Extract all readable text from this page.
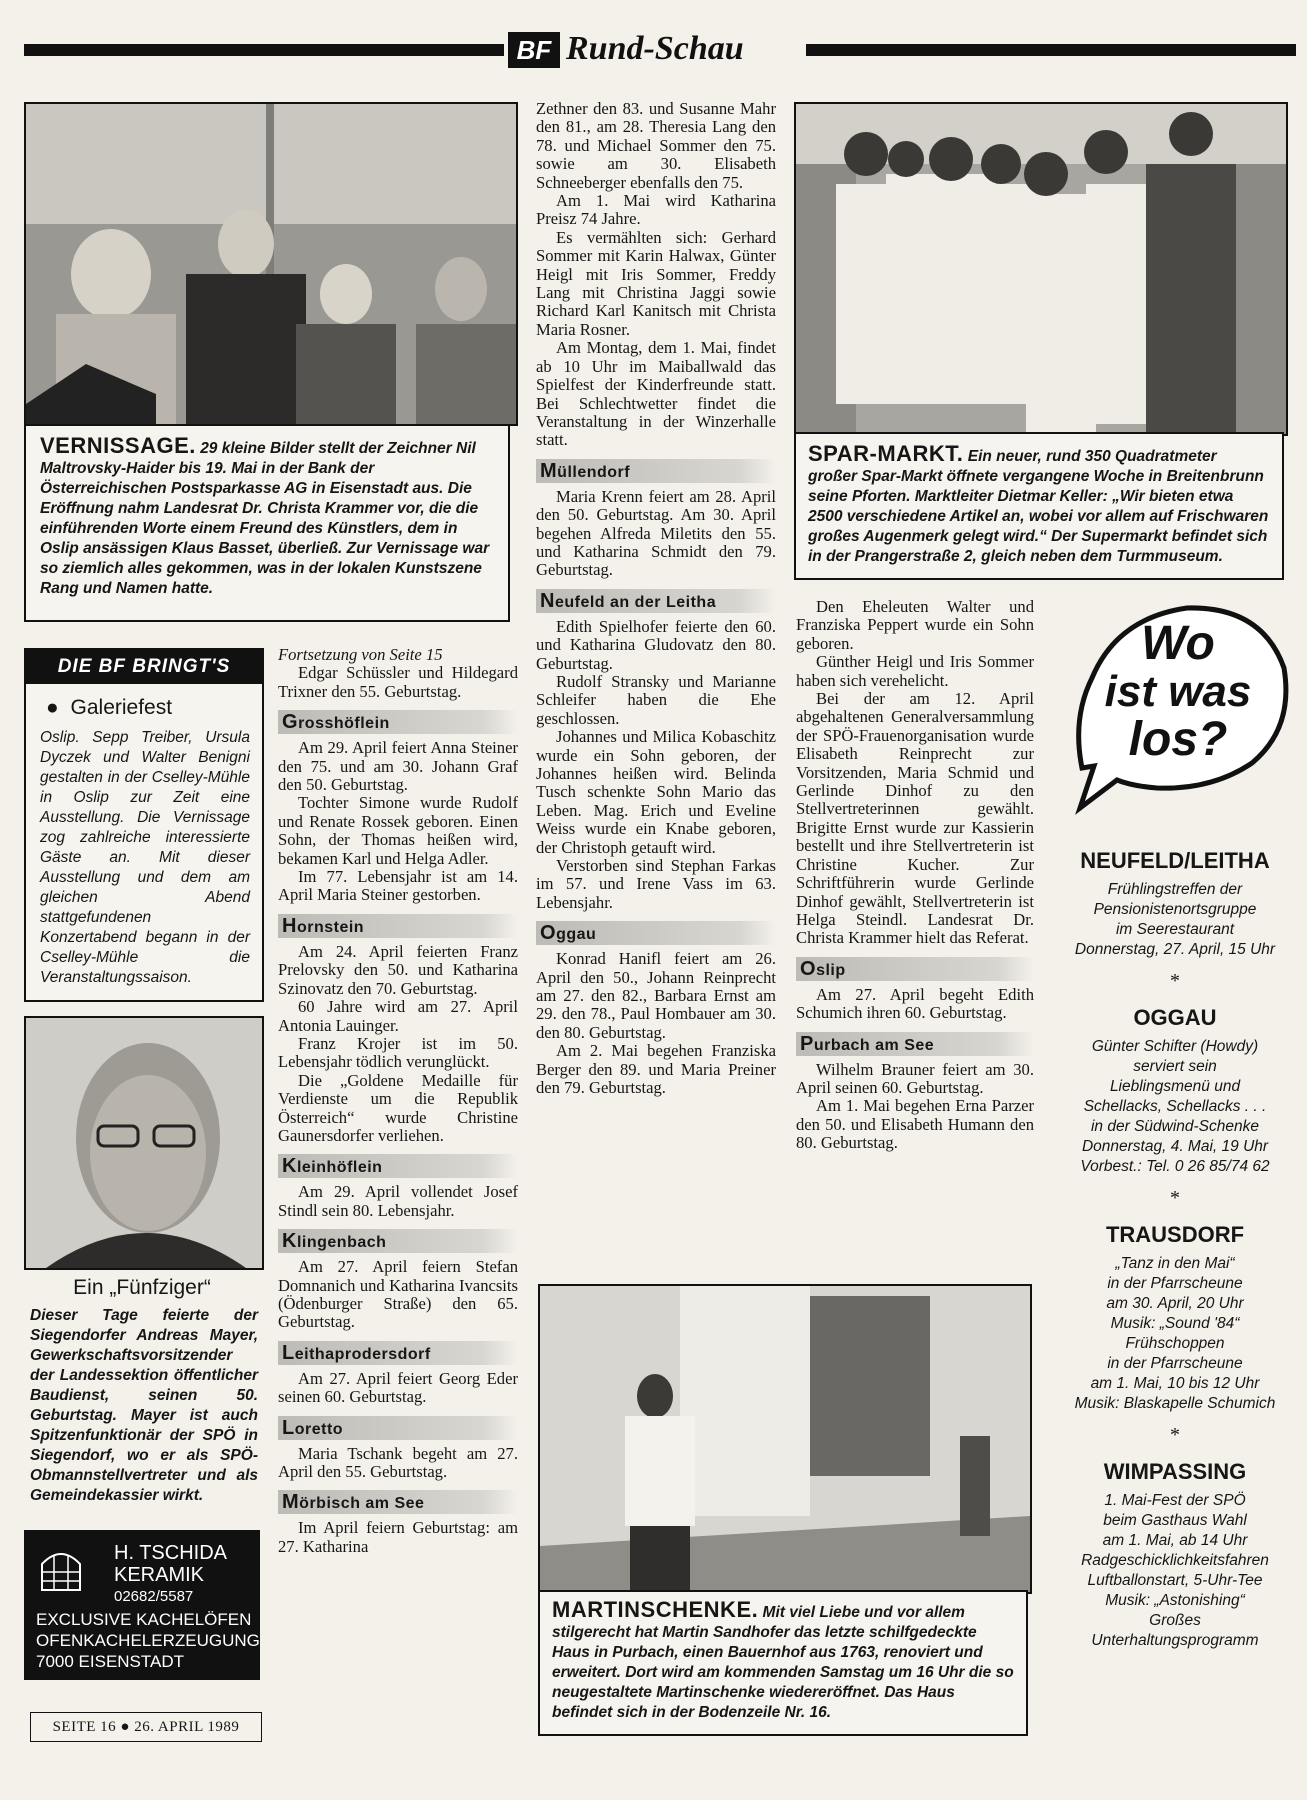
BF Rund-Schau

VERNISSAGE. 29 kleine Bilder stellt der Zeichner Nil Maltrovsky-Haider bis 19. Mai in der Bank der Österreichischen Postsparkasse AG in Eisenstadt aus. Die Eröffnung nahm Landesrat Dr. Christa Krammer vor, die die einführenden Worte einem Freund des Künstlers, dem in Oslip ansässigen Klaus Basset, überließ. Zur Vernissage war so ziemlich alles gekommen, was in der lokalen Kunstszene Rang und Namen hatte.

SPAR-MARKT. Ein neuer, rund 350 Quadratmeter großer Spar-Markt öffnete vergangene Woche in Breitenbrunn seine Pforten. Marktleiter Dietmar Keller: „Wir bieten etwa 2500 verschiedene Artikel an, wobei vor allem auf Frischwaren großes Augenmerk gelegt wird.“ Der Supermarkt befindet sich in der Prangerstraße 2, gleich neben dem Turmmuseum.

DIE BF BRINGT'S
● Galeriefest

Oslip. Sepp Treiber, Ursula Dyczek und Walter Benigni gestalten in der Cselley-Mühle in Oslip zur Zeit eine Ausstellung. Die Vernissage zog zahlreiche interessierte Gäste an. Mit dieser Ausstellung und dem am gleichen Abend stattgefundenen Konzertabend begann in der Cselley-Mühle die Veranstaltungssaison.

Ein „Fünfziger“

Dieser Tage feierte der Siegendorfer Andreas Mayer, Gewerkschaftsvorsitzender der Landessektion öffentlicher Baudienst, seinen 50. Geburtstag. Mayer ist auch Spitzenfunktionär der SPÖ in Siegendorf, wo er als SPÖ-Obmannstellvertreter und als Gemeindekassier wirkt.

H. TSCHIDA
KERAMIK
02682/5587
EXCLUSIVE KACHELÖFEN
OFENKACHELERZEUGUNG
7000 EISENSTADT
SEITE 16 ● 26. APRIL 1989

Fortsetzung von Seite 15

Edgar Schüssler und Hildegard Trixner den 55. Geburtstag.

Grosshöflein

Am 29. April feiert Anna Steiner den 75. und am 30. Johann Graf den 50. Geburtstag.

Tochter Simone wurde Rudolf und Renate Rossek geboren. Einen Sohn, der Thomas heißen wird, bekamen Karl und Helga Adler.

Im 77. Lebensjahr ist am 14. April Maria Steiner gestorben.

Hornstein

Am 24. April feierten Franz Prelovsky den 50. und Katharina Szinovatz den 70. Geburtstag.

60 Jahre wird am 27. April Antonia Lauinger.

Franz Krojer ist im 50. Lebensjahr tödlich verunglückt.

Die „Goldene Medaille für Verdienste um die Republik Österreich“ wurde Christine Gaunersdorfer verliehen.

Kleinhöflein

Am 29. April vollendet Josef Stindl sein 80. Lebensjahr.

Klingenbach

Am 27. April feiern Stefan Domnanich und Katharina Ivancsits (Ödenburger Straße) den 65. Geburtstag.

Leithaprodersdorf

Am 27. April feiert Georg Eder seinen 60. Geburtstag.

Loretto

Maria Tschank begeht am 27. April den 55. Geburtstag.

Mörbisch am See

Im April feiern Geburtstag: am 27. Katharina

Zethner den 83. und Susanne Mahr den 81., am 28. Theresia Lang den 78. und Michael Sommer den 75. sowie am 30. Elisabeth Schneeberger ebenfalls den 75.

Am 1. Mai wird Katharina Preisz 74 Jahre.

Es vermählten sich: Gerhard Sommer mit Karin Halwax, Günter Heigl mit Iris Sommer, Freddy Lang mit Christina Jaggi sowie Richard Karl Kanitsch mit Christa Maria Rosner.

Am Montag, dem 1. Mai, findet ab 10 Uhr im Maiballwald das Spielfest der Kinderfreunde statt. Bei Schlechtwetter findet die Veranstaltung in der Winzerhalle statt.

Müllendorf

Maria Krenn feiert am 28. April den 50. Geburtstag. Am 30. April begehen Alfreda Miletits den 55. und Katharina Schmidt den 79. Geburtstag.

Neufeld an der Leitha

Edith Spielhofer feierte den 60. und Katharina Gludovatz den 80. Geburtstag.

Rudolf Stransky und Marianne Schleifer haben die Ehe geschlossen.

Johannes und Milica Kobaschitz wurde ein Sohn geboren, der Johannes heißen wird. Belinda Tusch schenkte Sohn Mario das Leben. Mag. Erich und Eveline Weiss wurde ein Knabe geboren, der Christoph getauft wird.

Verstorben sind Stephan Farkas im 57. und Irene Vass im 63. Lebensjahr.

Oggau

Konrad Hanifl feiert am 26. April den 50., Johann Reinprecht am 27. den 82., Barbara Ernst am 29. den 78., Paul Hombauer am 30. den 80. Geburtstag.

Am 2. Mai begehen Franziska Berger den 89. und Maria Preiner den 79. Geburtstag.

Den Eheleuten Walter und Franziska Peppert wurde ein Sohn geboren.

Günther Heigl und Iris Sommer haben sich verehelicht.

Bei der am 12. April abgehaltenen Generalversammlung der SPÖ-Frauenorganisation wurde Elisabeth Reinprecht zur Vorsitzenden, Maria Schmid und Gerlinde Dinhof zu den Stellvertreterinnen gewählt. Brigitte Ernst wurde zur Kassierin bestellt und ihre Stellvertreterin ist Christine Kucher. Zur Schriftführerin wurde Gerlinde Dinhof gewählt, Stellvertreterin ist Helga Steindl. Landesrat Dr. Christa Krammer hielt das Referat.

Oslip

Am 27. April begeht Edith Schumich ihren 60. Geburtstag.

Purbach am See

Wilhelm Brauner feiert am 30. April seinen 60. Geburtstag.

Am 1. Mai begehen Erna Parzer den 50. und Elisabeth Humann den 80. Geburtstag.

MARTINSCHENKE. Mit viel Liebe und vor allem stilgerecht hat Martin Sandhofer das letzte schilfgedeckte Haus in Purbach, einen Bauernhof aus 1763, renoviert und erweitert. Dort wird am kommenden Samstag um 16 Uhr die so neugestaltete Martinschenke wiedereröffnet. Das Haus befindet sich in der Bodenzeile Nr. 16.

Wo
ist was
los?
NEUFELD/LEITHA
Frühlingstreffen der
Pensionistenortsgruppe
im Seerestaurant
Donnerstag, 27. April, 15 Uhr
*
OGGAU
Günter Schifter (Howdy)
serviert sein
Lieblingsmenü und
Schellacks, Schellacks . . .
in der Südwind-Schenke
Donnerstag, 4. Mai, 19 Uhr
Vorbest.: Tel. 0 26 85/74 62
*
TRAUSDORF
„Tanz in den Mai“
in der Pfarrscheune
am 30. April, 20 Uhr
Musik: „Sound '84“
Frühschoppen
in der Pfarrscheune
am 1. Mai, 10 bis 12 Uhr
Musik: Blaskapelle Schumich
*
WIMPASSING
1. Mai-Fest der SPÖ
beim Gasthaus Wahl
am 1. Mai, ab 14 Uhr
Radgeschicklichkeitsfahren
Luftballonstart, 5-Uhr-Tee
Musik: „Astonishing“
Großes
Unterhaltungsprogramm
